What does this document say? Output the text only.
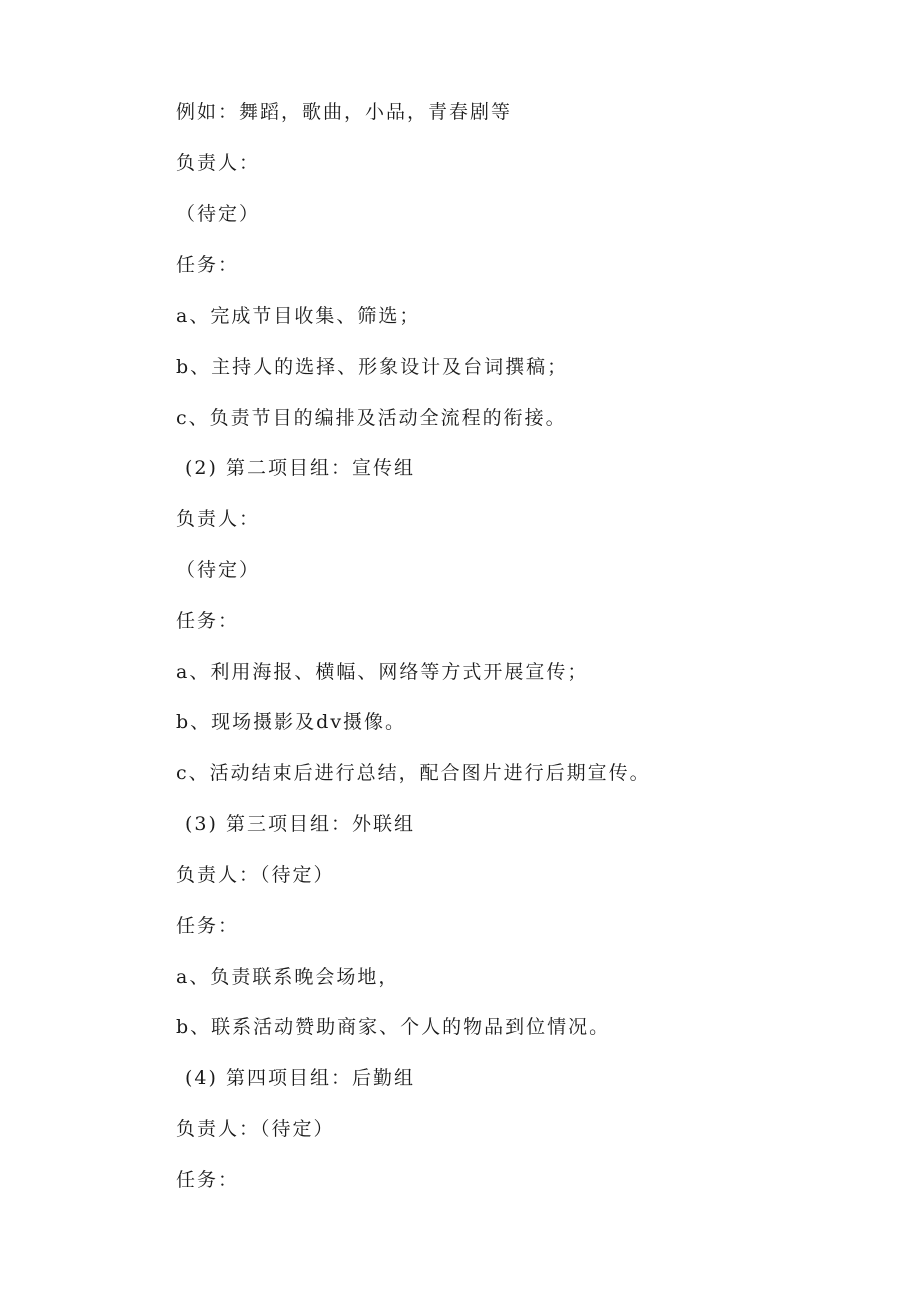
例如：舞蹈，歌曲，小品，青春剧等
负责人：
（待定）
任务：
a、完成节目收集、筛选；
b、主持人的选择、形象设计及台词撰稿；
c、负责节目的编排及活动全流程的衔接。
(2) 第二项目组：宣传组
负责人：
（待定）
任务：
a、利用海报、横幅、网络等方式开展宣传；
b、现场摄影及dv摄像。
c、活动结束后进行总结，配合图片进行后期宣传。
(3) 第三项目组：外联组
负责人：（待定）
任务：
a、负责联系晚会场地，
b、联系活动赞助商家、个人的物品到位情况。
(4) 第四项目组：后勤组
负责人：（待定）
任务：
